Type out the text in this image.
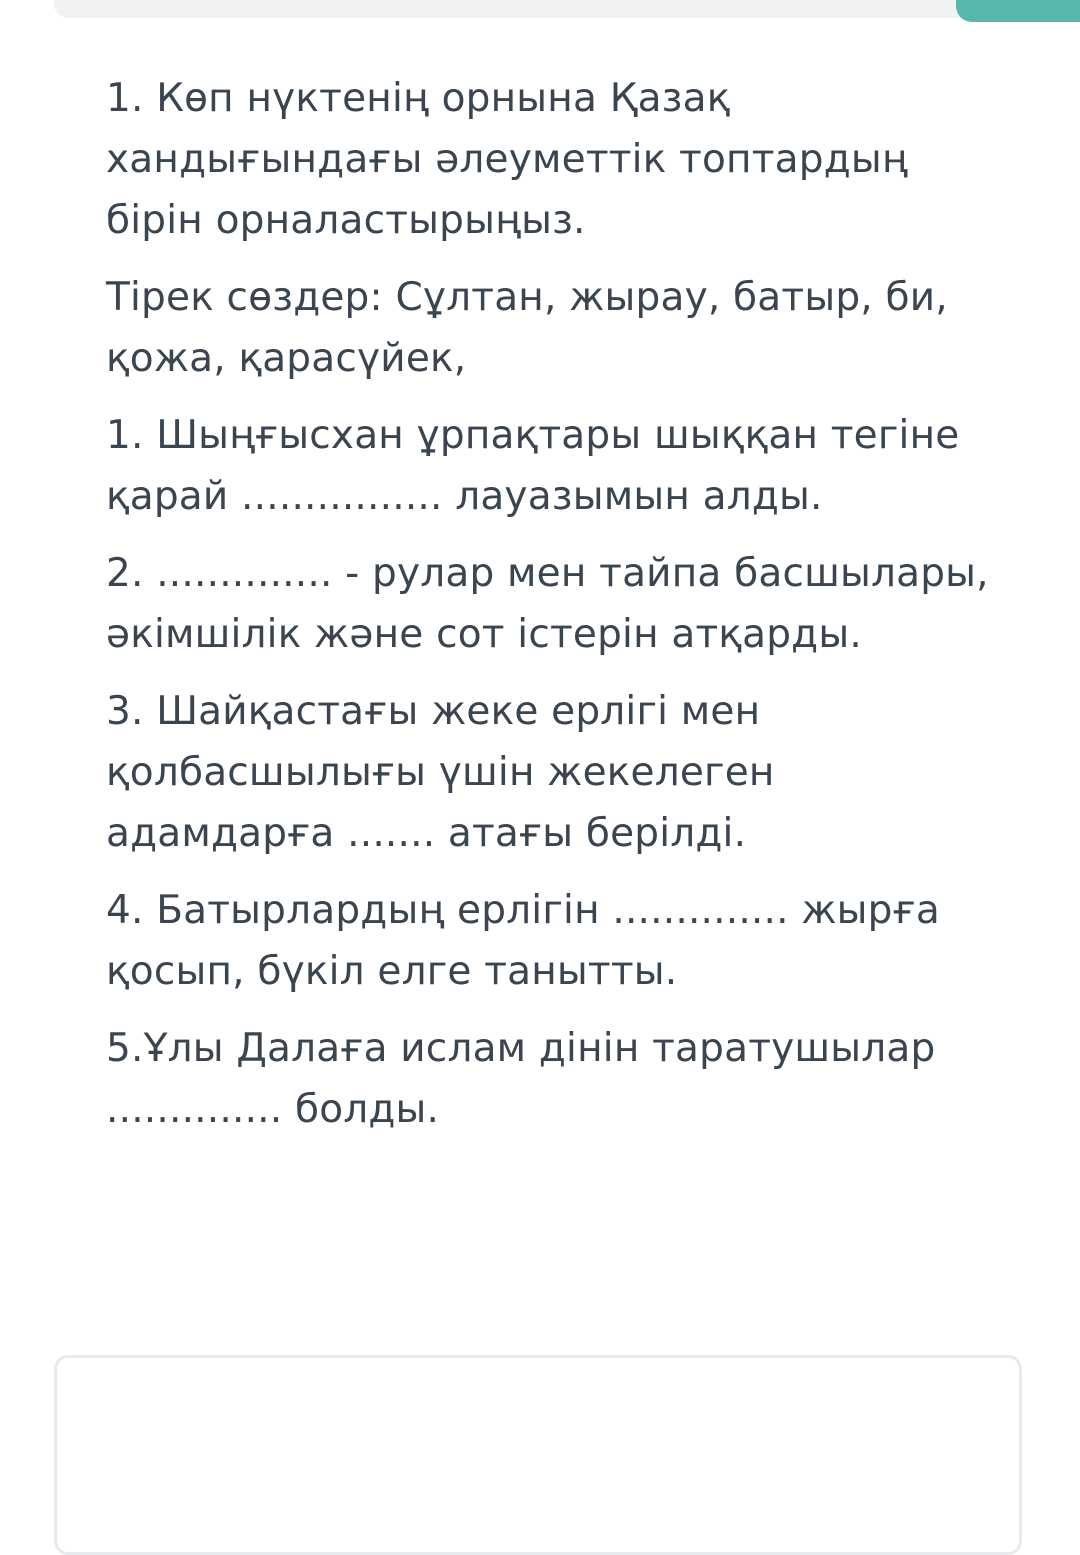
1. Көп нүктенің орнына Қазақ хандығындағы әлеуметтік топтардың бірін орналастырыңыз.

Тірек сөздер: Сұлтан, жырау, батыр, би, қожа, қарасүйек,

1. Шыңғысхан ұрпақтары шыққан тегіне қарай ................ лауазымын алды.

2. .............. - рулар мен тайпа басшылары, әкімшілік және сот істерін атқарды.

3. Шайқастағы жеке ерлігі мен қолбасшылығы үшін жекелеген адамдарға ....... атағы берілді.

4. Батырлардың ерлігін .............. жырға қосып, бүкіл елге танытты.

5.Ұлы Далаға ислам дінін таратушылар .............. болды.
